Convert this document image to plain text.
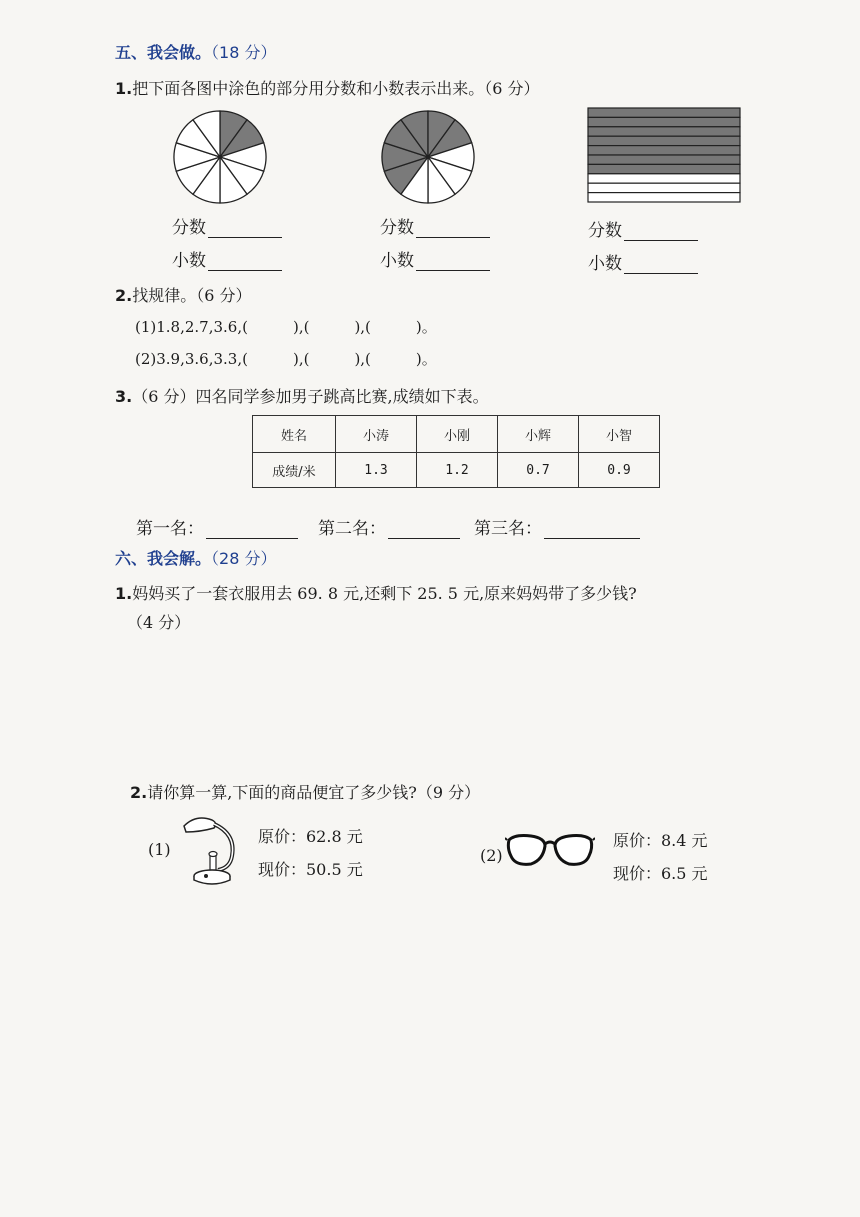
五、我会做。（18 分）
1.把下面各图中涂色的部分用分数和小数表示出来。（6 分）
分数
小数
分数
小数
分数
小数
2.找规律。（6 分）
(1)1.8,2.7,3.6,(　　　),(　　　),(　　　)。
(2)3.9,3.6,3.3,(　　　),(　　　),(　　　)。
3.（6 分）四名同学参加男子跳高比赛,成绩如下表。
姓名	小涛	小刚	小辉	小智
成绩/米	1.3	1.2	0.7	0.9
第一名：	第二名：	第三名：
六、我会解。（28 分）
1.妈妈买了一套衣服用去 69. 8 元,还剩下 25. 5 元,原来妈妈带了多少钱?
（4 分）
2.请你算一算,下面的商品便宜了多少钱?（9 分）
(1)
原价：62.8 元
现价：50.5 元
(2)
原价：8.4 元
现价：6.5 元
